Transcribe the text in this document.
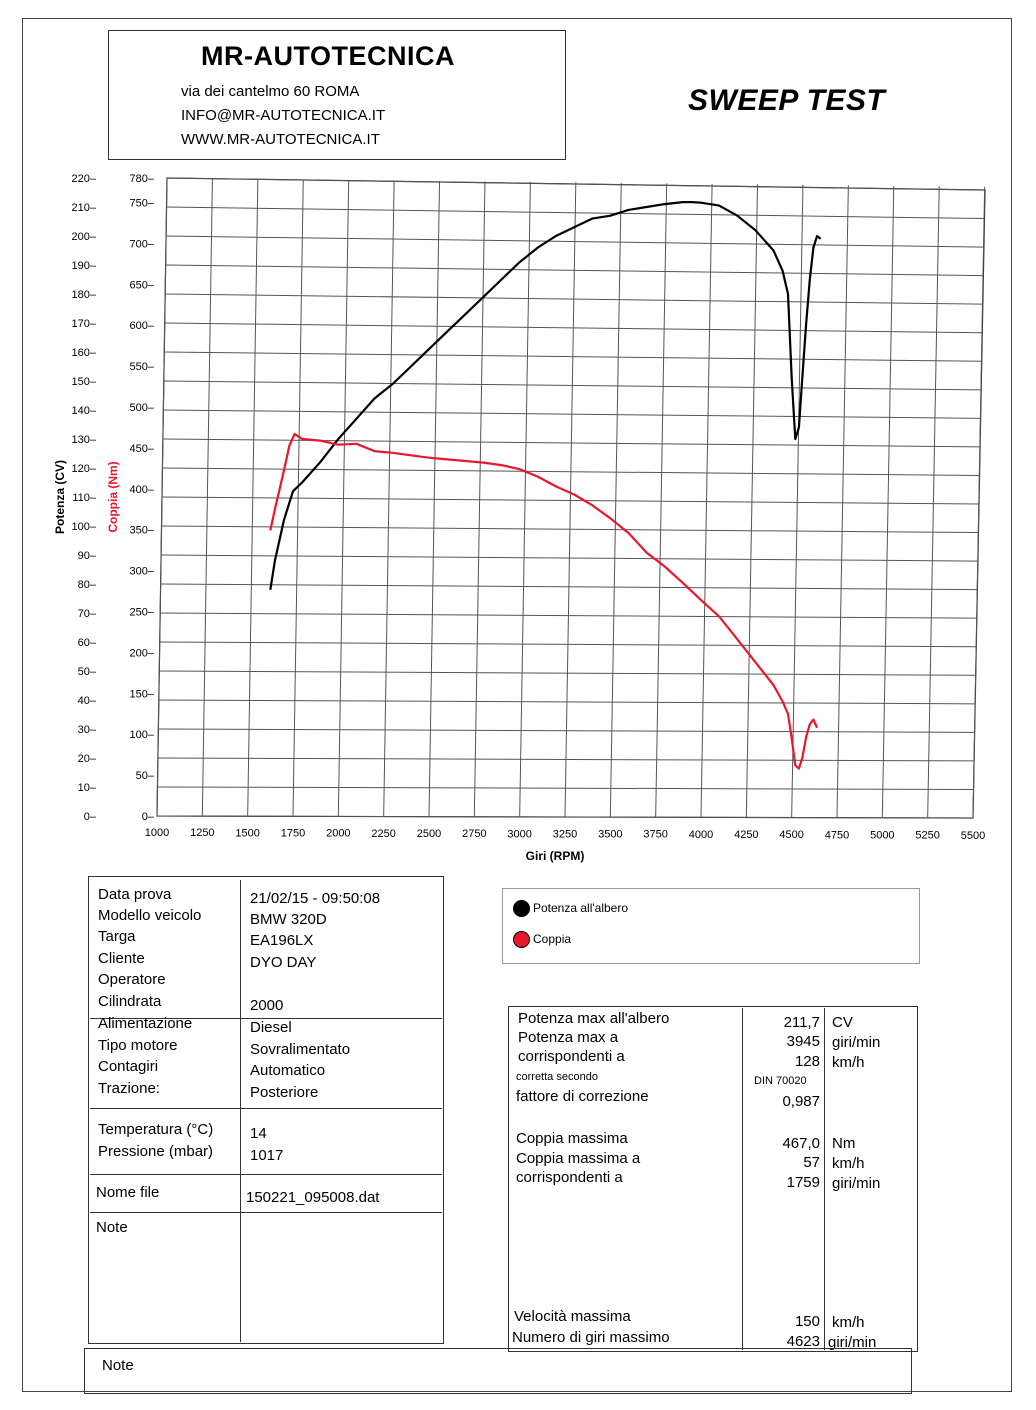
MR-AUTOTECNICA
via dei cantelmo 60 ROMA
INFO@MR-AUTOTECNICA.IT
WWW.MR-AUTOTECNICA.IT
SWEEP TEST
1000 1250 1500 1750 2000 2250 2500 2750 3000 3250 3500 3750 4000 4250 4500 4750 5000 5250 5500
0–
10–
20–
30–
40–
50–
60–
70–
80–
90–
100–
110–
120–
130–
140–
150–
160–
170–
180–
190–
200–
210–
220–
0–
50–
100–
150–
200–
250–
300–
350–
400–
450–
500–
550–
600–
650–
700–
750–
780–
Giri (RPM)
Potenza (CV)	Coppia (Nm)
Data prova	21/02/15 - 09:50:08
Modello veicolo	BMW 320D
Targa	EA196LX
Cliente	DYO DAY
Operatore
Cilindrata	2000
Alimentazione	Diesel
Tipo motore	Sovralimentato
Contagiri	Automatico
Trazione:	Posteriore
Temperatura (°C) 14
Pressione (mbar) 1017
Nome file	150221_095008.dat
Note
Potenza all'albero
Coppia
Potenza max all'albero	211,7 CV
Potenza max a	3945 giri/min
corrispondenti a	128 km/h
corretta secondo	DIN 70020
fattore di correzione	0,987
Coppia massima	467,0 Nm
Coppia massima a	57 km/h
corrispondenti a	1759 giri/min
Velocità massima	150 km/h
Numero di giri massimo	4623 giri/min
Note
